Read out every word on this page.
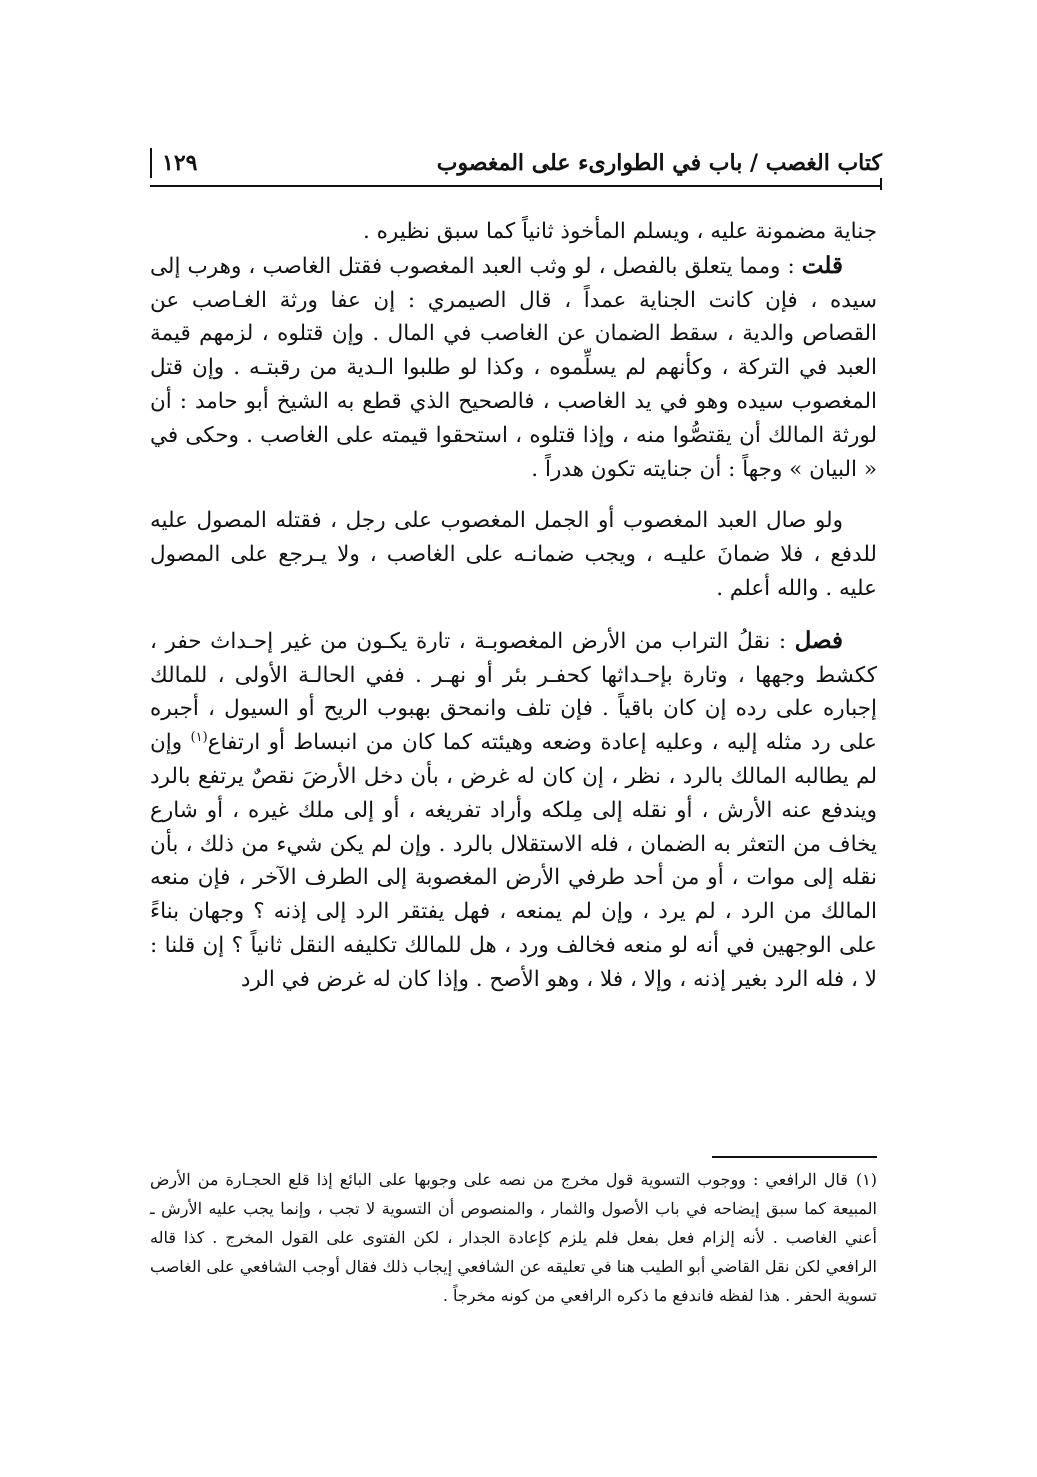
كتاب الغصب / باب في الطوارىء على المغصوب
١٢٩

جناية مضمونة عليه ، ويسلم المأخوذ ثانياً كما سبق نظيره .

قلت : ومما يتعلق بالفصل ، لو وثب العبد المغصوب فقتل الغاصب ، وهرب إلى سيده ، فإن كانت الجناية عمداً ، قال الصيمري : إن عفا ورثة الغـاصب عن القصاص والدية ، سقط الضمان عن الغاصب في المال . وإن قتلوه ، لزمهم قيمة العبد في التركة ، وكأنهم لم يسلِّموه ، وكذا لو طلبوا الـدية من رقبتـه . وإن قتل المغصوب سيده وهو في يد الغاصب ، فالصحيح الذي قطع به الشيخ أبو حامد : أن لورثة المالك أن يقتصُّوا منه ، وإذا قتلوه ، استحقوا قيمته على الغاصب . وحكى في « البيان » وجهاً : أن جنايته تكون هدراً .

ولو صال العبد المغصوب أو الجمل المغصوب على رجل ، فقتله المصول عليه للدفع ، فلا ضمانَ عليـه ، ويجب ضمانـه على الغاصب ، ولا يـرجع على المصول عليه . والله أعلم .

فصل : نقلُ التراب من الأرض المغصوبـة ، تارة يكـون من غير إحـداث حفر ، ككشط وجهها ، وتارة بإحـداثها كحفـر بئر أو نهـر . ففي الحالـة الأولى ، للمالك إجباره على رده إن كان باقياً . فإن تلف وانمحق بهبوب الريح أو السيول ، أجبره على رد مثله إليه ، وعليه إعادة وضعه وهيئته كما كان من انبساط أو ارتفاع$^{(١)}$ وإن لم يطالبه المالك بالرد ، نظر ، إن كان له غرض ، بأن دخل الأرضَ نقصٌ يرتفع بالرد ويندفع عنه الأرش ، أو نقله إلى مِلكه وأراد تفريغه ، أو إلى ملك غيره ، أو شارع يخاف من التعثر به الضمان ، فله الاستقلال بالرد . وإن لم يكن شيء من ذلك ، بأن نقله إلى موات ، أو من أحد طرفي الأرض المغصوبة إلى الطرف الآخر ، فإن منعه المالك من الرد ، لم يرد ، وإن لم يمنعه ، فهل يفتقر الرد إلى إذنه ؟ وجهان بناءً على الوجهين في أنه لو منعه فخالف ورد ، هل للمالك تكليفه النقل ثانياً ؟ إن قلنا : لا ، فله الرد بغير إذنه ، وإلا ، فلا ، وهو الأصح . وإذا كان له غرض في الرد

(١)قال الرافعي : ووجوب التسوية قول مخرج من نصه على وجوبها على البائع إذا قلع الحجـارة من الأرض المبيعة كما سبق إيضاحه في باب الأصول والثمار ، والمنصوص أن التسوية لا تجب ، وإنما يجب عليه الأرش ـ أعني الغاصب . لأنه إلزام فعل بفعل فلم يلزم كإعادة الجدار ، لكن الفتوى على القول المخرج . كذا قاله الرافعي لكن نقل القاضي أبو الطيب هنا في تعليقه عن الشافعي إيجاب ذلك فقال أوجب الشافعي على الغاصب تسوية الحفر . هذا لفظه فاندفع ما ذكره الرافعي من كونه مخرجاً .
